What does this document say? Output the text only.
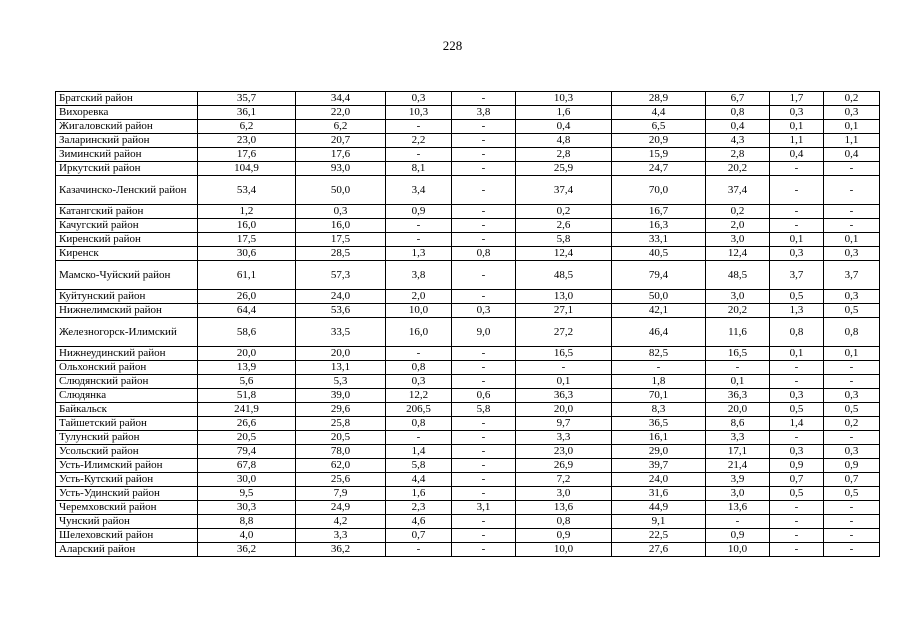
228
Братский район	35,7	34,4	0,3	-	10,3	28,9	6,7	1,7	0,2
Вихоревка	36,1	22,0	10,3	3,8	1,6	4,4	0,8	0,3	0,3
Жигаловский район	6,2	6,2	-	-	0,4	6,5	0,4	0,1	0,1
Заларинский район	23,0	20,7	2,2	-	4,8	20,9	4,3	1,1	1,1
Зиминский район	17,6	17,6	-	-	2,8	15,9	2,8	0,4	0,4
Иркутский район	104,9	93,0	8,1	-	25,9	24,7	20,2	-	-
Казачинско-Ленский район	53,4	50,0	3,4	-	37,4	70,0	37,4	-	-
Катангский район	1,2	0,3	0,9	-	0,2	16,7	0,2	-	-
Качугский район	16,0	16,0	-	-	2,6	16,3	2,0	-	-
Киренский район	17,5	17,5	-	-	5,8	33,1	3,0	0,1	0,1
Киренск	30,6	28,5	1,3	0,8	12,4	40,5	12,4	0,3	0,3
Мамско-Чуйский район	61,1	57,3	3,8	-	48,5	79,4	48,5	3,7	3,7
Куйтунский район	26,0	24,0	2,0	-	13,0	50,0	3,0	0,5	0,3
Нижнелимский район	64,4	53,6	10,0	0,3	27,1	42,1	20,2	1,3	0,5
Железногорск-Илимский	58,6	33,5	16,0	9,0	27,2	46,4	11,6	0,8	0,8
Нижнеудинский район	20,0	20,0	-	-	16,5	82,5	16,5	0,1	0,1
Ольхонский район	13,9	13,1	0,8	-	-	-	-	-	-
Слюдянский район	5,6	5,3	0,3	-	0,1	1,8	0,1	-	-
Слюдянка	51,8	39,0	12,2	0,6	36,3	70,1	36,3	0,3	0,3
Байкальск	241,9	29,6	206,5	5,8	20,0	8,3	20,0	0,5	0,5
Тайшетский район	26,6	25,8	0,8	-	9,7	36,5	8,6	1,4	0,2
Тулунский район	20,5	20,5	-	-	3,3	16,1	3,3	-	-
Усольский район	79,4	78,0	1,4	-	23,0	29,0	17,1	0,3	0,3
Усть-Илимский район	67,8	62,0	5,8	-	26,9	39,7	21,4	0,9	0,9
Усть-Кутский район	30,0	25,6	4,4	-	7,2	24,0	3,9	0,7	0,7
Усть-Удинский район	9,5	7,9	1,6	-	3,0	31,6	3,0	0,5	0,5
Черемховский район	30,3	24,9	2,3	3,1	13,6	44,9	13,6	-	-
Чунский район	8,8	4,2	4,6	-	0,8	9,1	-	-	-
Шелеховский район	4,0	3,3	0,7	-	0,9	22,5	0,9	-	-
Аларский район	36,2	36,2	-	-	10,0	27,6	10,0	-	-
